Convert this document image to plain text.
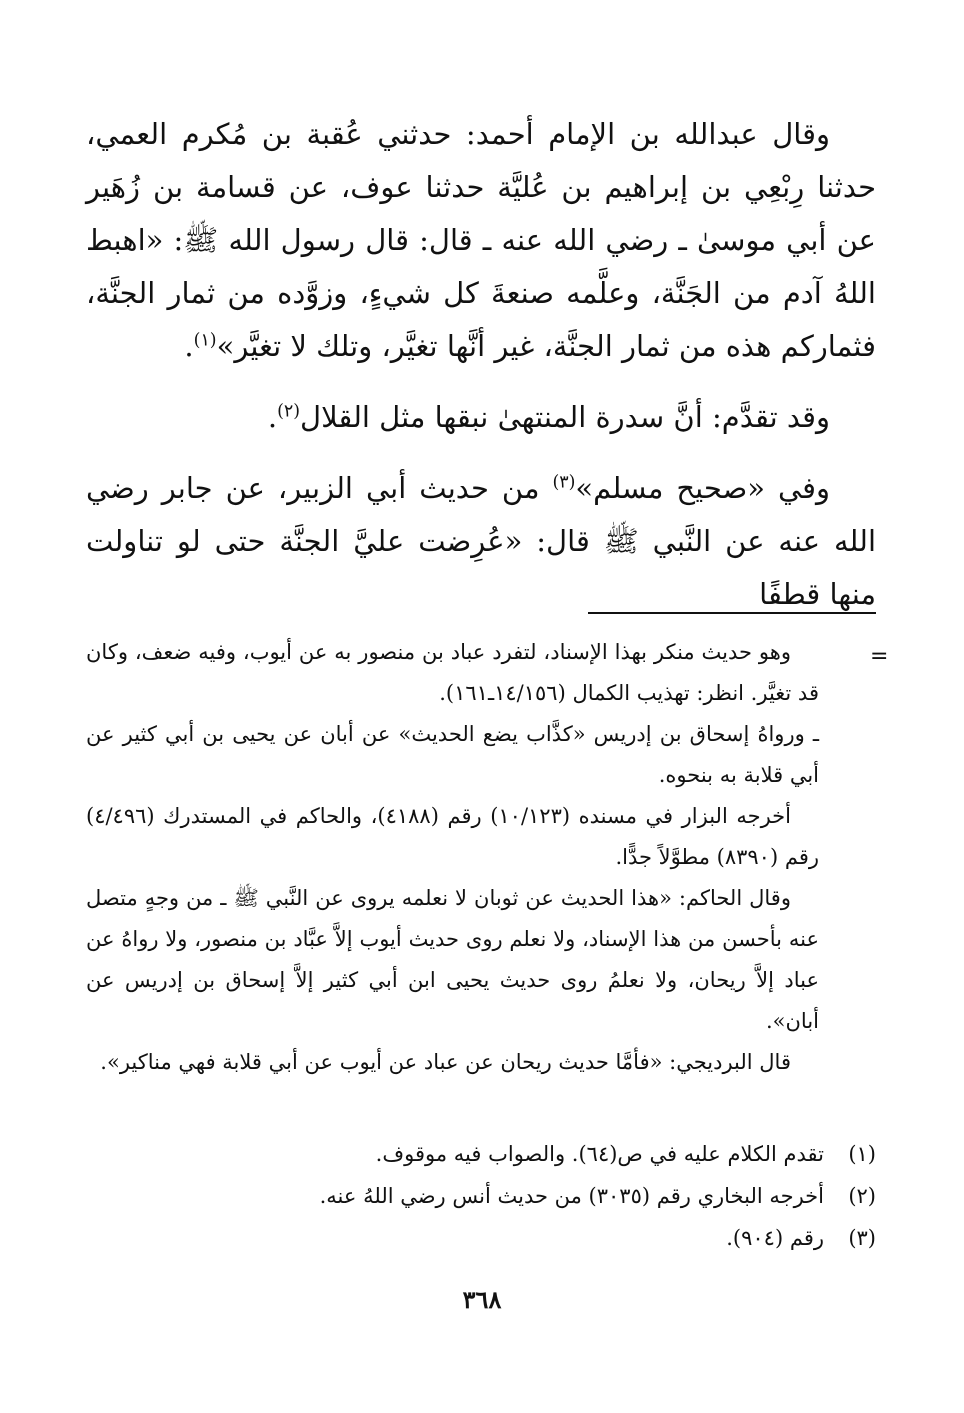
وقال عبدالله بن الإمام أحمد: حدثني عُقبة بن مُكرم العمي، حدثنا رِبْعِي بن إبراهيم بن عُليَّة حدثنا عوف، عن قسامة بن زُهَير عن أبي موسىٰ ـ رضي الله عنه ـ قال: قال رسول الله ﷺ: «اهبط اللهُ آدم من الجَنَّة، وعلَّمه صنعةَ كل شيءٍ، وزوَّده من ثمار الجنَّة، فثماركم هذه من ثمار الجنَّة، غير أنَّها تغيَّر، وتلك لا تغيَّر»$^{(١)}$.

وقد تقدَّم: أنَّ سدرة المنتهىٰ نبقها مثل القلال$^{(٢)}$.

وفي «صحيح مسلم»$^{(٣)}$ من حديث أبي الزبير، عن جابر رضي الله عنه عن النَّبي ﷺ قال: «عُرِضت عليَّ الجنَّة حتى لو تناولت منها قطفًا

=

وهو حديث منكر بهذا الإسناد، لتفرد عباد بن منصور به عن أيوب، وفيه ضعف، وكان قد تغيَّر. انظر: تهذيب الكمال (١٤/١٥٦ـ١٦١).

ـ ورواهُ إسحاق بن إدريس «كذَّاب يضع الحديث» عن أبان عن يحيى بن أبي كثير عن أبي قلابة به بنحوه.

أخرجه البزار في مسنده (١٠/١٢٣) رقم (٤١٨٨)، والحاكم في المستدرك (٤/٤٩٦) رقم (٨٣٩٠) مطوَّلاً جدًّا.

وقال الحاكم: «هذا الحديث عن ثوبان لا نعلمه يروى عن النَّبي ﷺ ـ من وجهٍ متصل عنه بأحسن من هذا الإسناد، ولا نعلم روى حديث أيوب إلاَّ عبَّاد بن منصور، ولا رواهُ عن عباد إلاَّ ريحان، ولا نعلمُ روى حديث يحيى ابن أبي كثير إلاَّ إسحاق بن إدريس عن أبان».

قال البرديجي: «فأمَّا حديث ريحان عن عباد عن أيوب عن أبي قلابة فهي مناكير».

(١)
تقدم الكلام عليه في ص(٦٤). والصواب فيه موقوف.
(٢)
أخرجه البخاري رقم (٣٠٣٥) من حديث أنس رضي اللهُ عنه.
(٣)
رقم (٩٠٤).
٣٦٨
